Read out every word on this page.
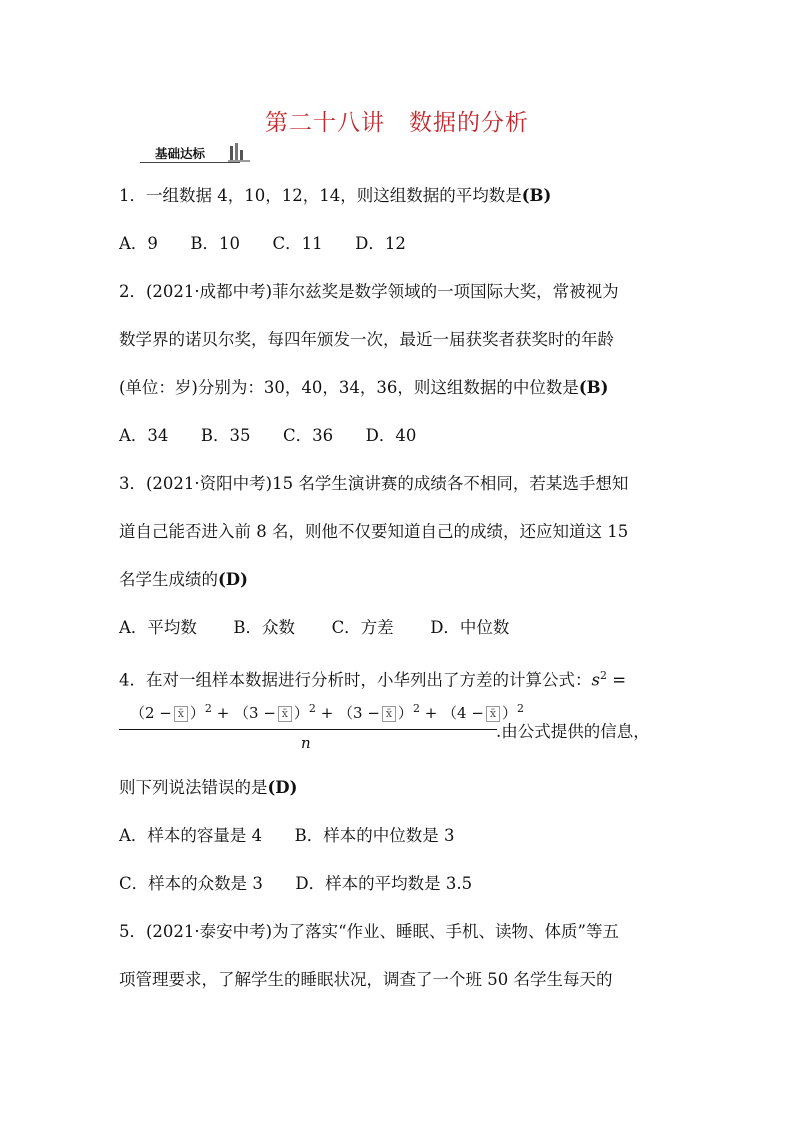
第二十八讲　数据的分析
基础达标
1．一组数据 4，10，12，14，则这组数据的平均数是(B)
A．9 B．10 C．11 D．12
2．(2021·成都中考)菲尔兹奖是数学领域的一项国际大奖，常被视为
数学界的诺贝尔奖，每四年颁发一次，最近一届获奖者获奖时的年龄
(单位：岁)分别为：30，40，34，36，则这组数据的中位数是(B)
A．34 B．35 C．36 D．40
3．(2021·资阳中考)15 名学生演讲赛的成绩各不相同，若某选手想知
道自己能否进入前 8 名，则他不仅要知道自己的成绩，还应知道这 15
名学生成绩的(D)
A．平均数 B．众数 C．方差 D．中位数
4．在对一组样本数据进行分析时，小华列出了方差的计算公式：$s^2$ =
（2 − x̄ ）$^2$ + （3 − x̄ ）$^2$ + （3 − x̄ ）$^2$ + （4 − x̄ ）$^2$
n
.由公式提供的信息，
则下列说法错误的是(D)
A．样本的容量是 4 B．样本的中位数是 3
C．样本的众数是 3 D．样本的平均数是 3.5
5．(2021·泰安中考)为了落实“作业、睡眠、手机、读物、体质”等五
项管理要求，了解学生的睡眠状况，调查了一个班 50 名学生每天的
